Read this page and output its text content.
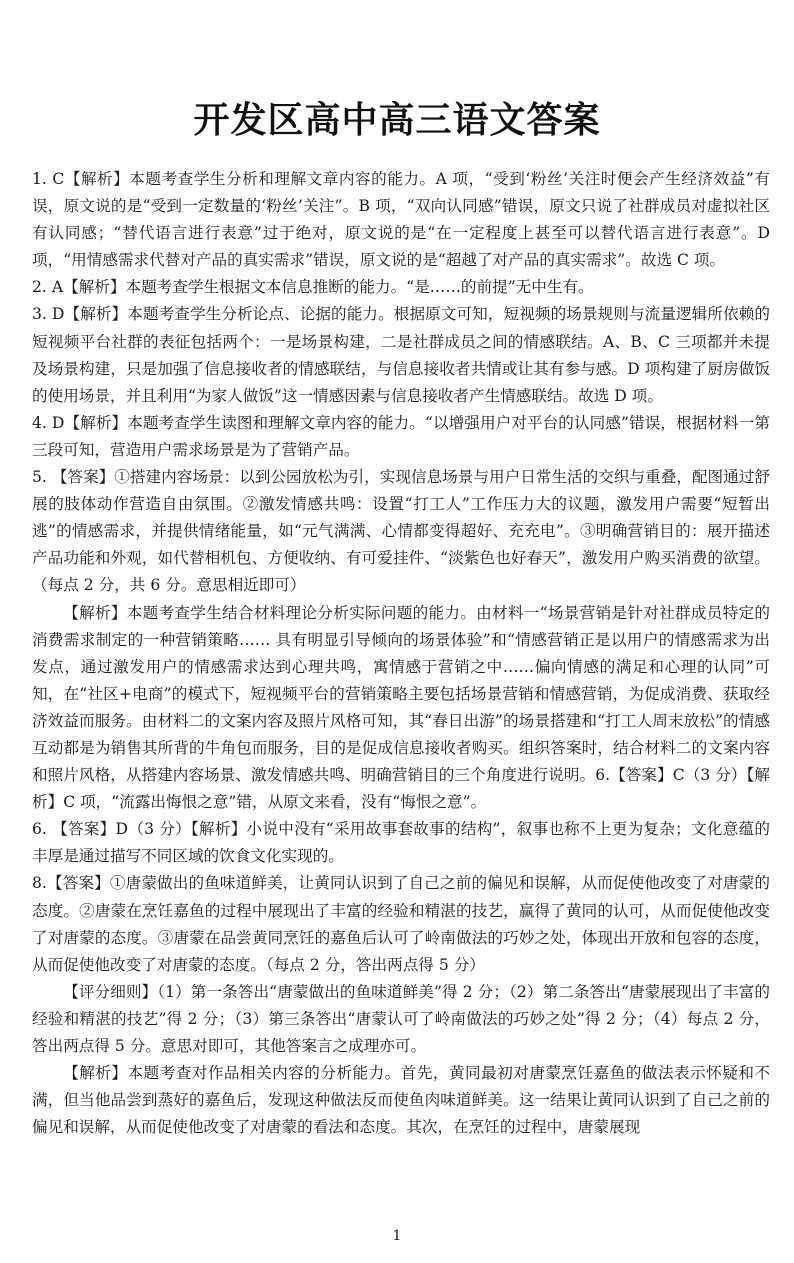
开发区高中高三语文答案

1. C【解析】本题考查学生分析和理解文章内容的能力。A 项，“受到‘粉丝’关注时便会产生经济效益”有误，原文说的是“受到一定数量的‘粉丝’关注”。B 项，“双向认同感”错误，原文只说了社群成员对虚拟社区有认同感；“替代语言进行表意”过于绝对，原文说的是“在一定程度上甚至可以替代语言进行表意”。D 项，“用情感需求代替对产品的真实需求”错误，原文说的是“超越了对产品的真实需求”。故选 C 项。

2. A【解析】本题考查学生根据文本信息推断的能力。“是……的前提”无中生有。

3. D【解析】本题考查学生分析论点、论据的能力。根据原文可知，短视频的场景规则与流量逻辑所依赖的短视频平台社群的表征包括两个：一是场景构建，二是社群成员之间的情感联结。A、B、C 三项都并未提及场景构建，只是加强了信息接收者的情感联结，与信息接收者共情或让其有参与感。D 项构建了厨房做饭的使用场景，并且利用“为家人做饭”这一情感因素与信息接收者产生情感联结。故选 D 项。

4. D【解析】本题考查学生读图和理解文章内容的能力。“以增强用户对平台的认同感”错误，根据材料一第三段可知，营造用户需求场景是为了营销产品。

5. 【答案】①搭建内容场景：以到公园放松为引，实现信息场景与用户日常生活的交织与重叠，配图通过舒展的肢体动作营造自由氛围。②激发情感共鸣：设置“打工人”工作压力大的议题，激发用户需要“短暂出逃”的情感需求，并提供情绪能量，如“元气满满、心情都变得超好、充充电”。③明确营销目的：展开描述产品功能和外观，如代替相机包、方便收纳、有可爱挂件、“淡紫色也好春天”，激发用户购买消费的欲望。（每点 2 分，共 6 分。意思相近即可）

【解析】本题考查学生结合材料理论分析实际问题的能力。由材料一“场景营销是针对社群成员特定的消费需求制定的一种营销策略…… 具有明显引导倾向的场景体验”和“情感营销正是以用户的情感需求为出发点，通过激发用户的情感需求达到心理共鸣，寓情感于营销之中……偏向情感的满足和心理的认同”可知，在“社区+电商”的模式下，短视频平台的营销策略主要包括场景营销和情感营销，为促成消费、获取经济效益而服务。由材料二的文案内容及照片风格可知，其“春日出游”的场景搭建和“打工人周末放松”的情感互动都是为销售其所背的牛角包而服务，目的是促成信息接收者购买。组织答案时，结合材料二的文案内容和照片风格，从搭建内容场景、激发情感共鸣、明确营销目的三个角度进行说明。6.【答案】C（3 分）【解析】C 项，“流露出悔恨之意”错，从原文来看，没有“悔恨之意”。

6. 【答案】D（3 分）【解析】小说中没有“采用故事套故事的结构”，叙事也称不上更为复杂；文化意蕴的丰厚是通过描写不同区域的饮食文化实现的。

8.【答案】①唐蒙做出的鱼味道鲜美，让黄同认识到了自己之前的偏见和误解，从而促使他改变了对唐蒙的态度。②唐蒙在烹饪嘉鱼的过程中展现出了丰富的经验和精湛的技艺，赢得了黄同的认可，从而促使他改变了对唐蒙的态度。③唐蒙在品尝黄同烹饪的嘉鱼后认可了岭南做法的巧妙之处，体现出开放和包容的态度，从而促使他改变了对唐蒙的态度。（每点 2 分，答出两点得 5 分）

【评分细则】（1）第一条答出“唐蒙做出的鱼味道鲜美”得 2 分；（2）第二条答出“唐蒙展现出了丰富的经验和精湛的技艺”得 2 分；（3）第三条答出“唐蒙认可了岭南做法的巧妙之处”得 2 分；（4）每点 2 分，答出两点得 5 分。意思对即可，其他答案言之成理亦可。

【解析】本题考查对作品相关内容的分析能力。首先，黄同最初对唐蒙烹饪嘉鱼的做法表示怀疑和不满，但当他品尝到蒸好的嘉鱼后，发现这种做法反而使鱼肉味道鲜美。这一结果让黄同认识到了自己之前的偏见和误解，从而促使他改变了对唐蒙的看法和态度。其次，在烹饪的过程中，唐蒙展现

1
